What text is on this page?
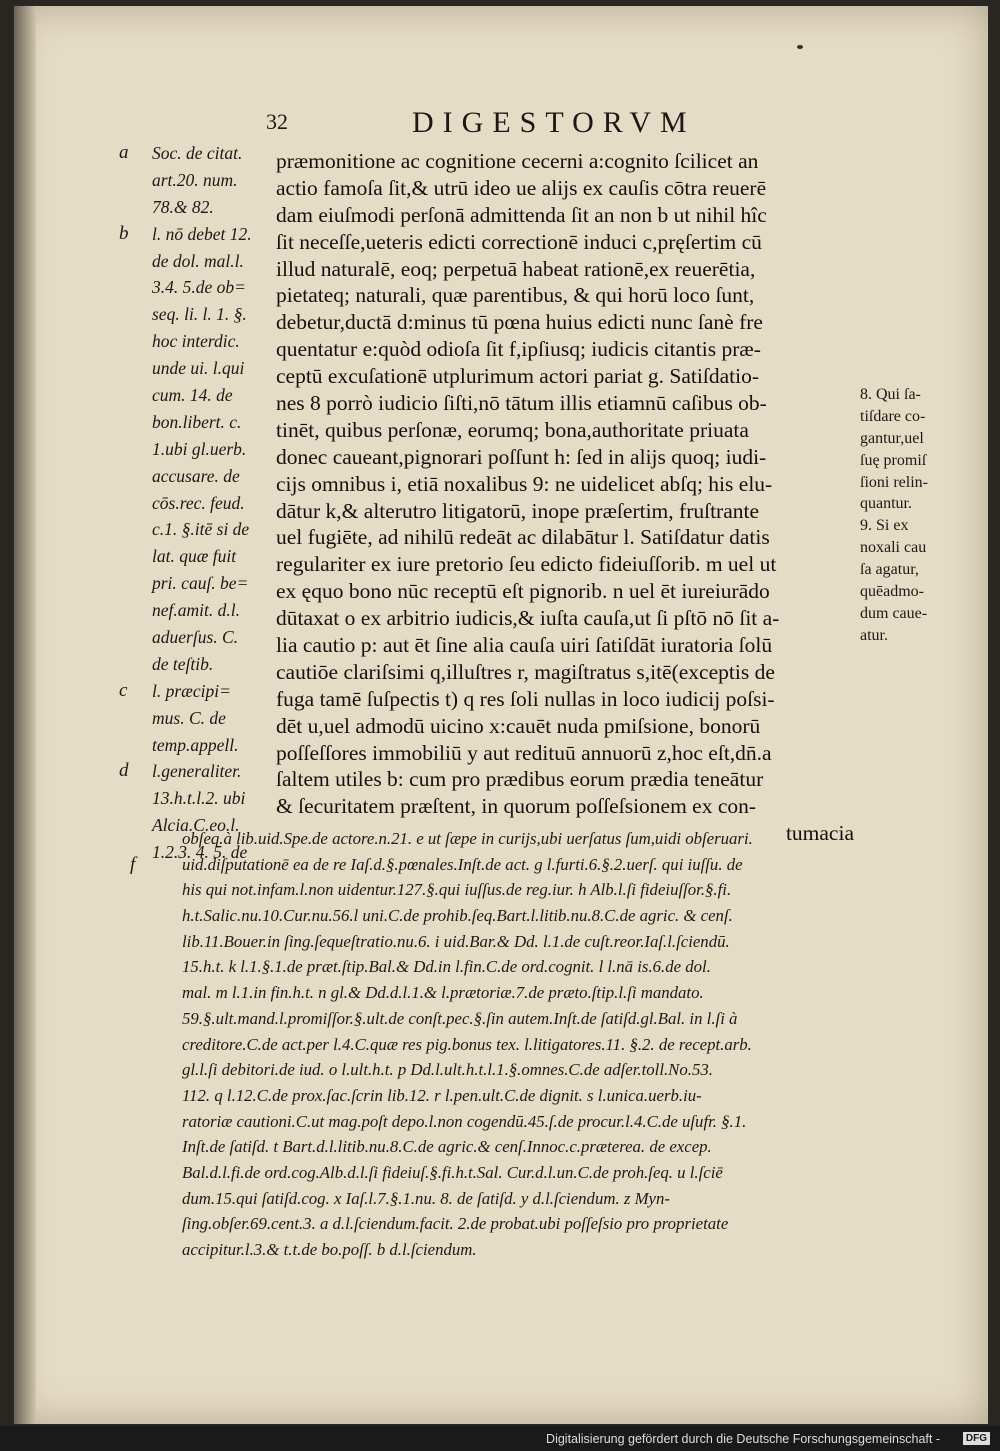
32	DIGESTORVM
a Soc. de citat.
art.20. num.
78.& 82.
b l. nō debet 12.
de dol. mal.l.
3.4. 5.de ob=
seq. li. l. 1. §.
hoc interdic.
unde ui. l.qui
cum. 14. de
bon.libert. c.
1.ubi gl.uerb.
accusare. de
cōs.rec. feud.
c.1. §.itē si de
lat. quæ fuit
pri. cauſ. be=
nef.amit. d.l.
aduerſus. C.
de teſtib.
c l. præcipi=
mus. C. de
temp.appell.
d l.generaliter.
13.h.t.l.2. ubi
Alcia.C.eo.l.
1.2.3. 4. 5. de
præmonitione ac cognitione cecerni a:cognito ſcilicet an
actio famoſa ſit,& utrū ideo ue alijs ex cauſis cōtra reuerē
dam eiuſmodi perſonā admittenda ſit an non b ut nihil hîc
ſit neceſſe,ueteris edicti correctionē induci c,pręſertim cū
illud naturalē, eoq; perpetuā habeat rationē,ex reuerētia,
pietateq; naturali, quæ parentibus, & qui horū loco ſunt,
debetur,ductā d:minus tū pœna huius edicti nunc ſanè fre
quentatur e:quòd odioſa ſit f,ipſiusq; iudicis citantis præ-
ceptū excuſationē utplurimum actori pariat g. Satiſdatio-
nes 8 porrò iudicio ſiſti,nō tātum illis etiamnū caſibus ob-
tinēt, quibus perſonæ, eorumq; bona,authoritate priuata
donec caueant,pignorari poſſunt h: ſed in alijs quoq; iudi-
cijs omnibus i, etiā noxalibus 9: ne uidelicet abſq; his elu-
dātur k,& alterutro litigatorū, inope præſertim, fruſtrante
uel fugiēte, ad nihilū redeāt ac dilabātur l. Satiſdatur datis
regulariter ex iure pretorio ſeu edicto fideiuſſorib. m uel ut
ex ęquo bono nūc receptū eſt pignorib. n uel ēt iureiurādo
dūtaxat o ex arbitrio iudicis,& iuſta cauſa,ut ſi pſtō nō ſit a-
lia cautio p: aut ēt ſine alia cauſa uiri ſatiſdāt iuratoria ſolū
cautiōe clariſsimi q,illuſtres r, magiſtratus s,itē(exceptis de
fuga tamē ſuſpectis t) q res ſoli nullas in loco iudicij poſsi-
dēt u,uel admodū uicino x:cauēt nuda pmiſsione, bonorū
poſſeſſores immobiliū y aut redituū annuorū z,hoc eſt,dn̄.a
ſaltem utiles b: cum pro prædibus eorum prædia teneātur
& ſecuritatem præſtent, in quorum poſſeſsionem ex con-
tumacia
8. Qui ſa-
tiſdare co-
gantur,uel
ſuę promiſ
ſioni relin-
quantur.
9. Si ex
noxali cau
ſa agatur,
quēadmo-
dum caue-
atur.
obſeq.à lib.uid.Spe.de actore.n.21. e ut ſæpe in curijs,ubi uerſatus ſum,uidi obſeruari.
f	uid.diſputationē ea de re Iaſ.d.§.pœnales.Inſt.de act. g l.furti.6.§.2.uerſ. qui iuſſu. de
his qui not.infam.l.non uidentur.127.§.qui iuſſus.de reg.iur. h Alb.l.ſi fideiuſſor.§.fi.
h.t.Salic.nu.10.Cur.nu.56.l uni.C.de prohib.ſeq.Bart.l.litib.nu.8.C.de agric. & cenſ.
lib.11.Bouer.in ſing.ſequeſtratio.nu.6. i uid.Bar.& Dd. l.1.de cuſt.reor.Iaſ.l.ſciendū.
15.h.t. k l.1.§.1.de præt.ſtip.Bal.& Dd.in l.fin.C.de ord.cognit. l l.nā is.6.de dol.
mal. m l.1.in fin.h.t. n gl.& Dd.d.l.1.& l.prætoriæ.7.de præto.ſtip.l.ſi mandato.
59.§.ult.mand.l.promiſſor.§.ult.de conſt.pec.§.ſin autem.Inſt.de ſatiſd.gl.Bal. in l.ſi à
creditore.C.de act.per l.4.C.quæ res pig.bonus tex. l.litigatores.11. §.2. de recept.arb.
gl.l.ſi debitori.de iud. o l.ult.h.t. p Dd.l.ult.h.t.l.1.§.omnes.C.de adſer.toll.No.53.
112. q l.12.C.de prox.ſac.ſcrin lib.12. r l.pen.ult.C.de dignit. s l.unica.uerb.iu-
ratoriæ cautioni.C.ut mag.poſt depo.l.non cogendū.45.ſ.de procur.l.4.C.de uſufr. §.1.
Inſt.de ſatiſd. t Bart.d.l.litib.nu.8.C.de agric.& cenſ.Innoc.c.præterea. de excep.
Bal.d.l.fi.de ord.cog.Alb.d.l.ſi fideiuſ.§.fi.h.t.Sal. Cur.d.l.un.C.de proh.ſeq. u l.ſciē
dum.15.qui ſatiſd.cog. x Iaſ.l.7.§.1.nu. 8. de ſatiſd. y d.l.ſciendum. z Myn-
ſing.obſer.69.cent.3. a d.l.ſciendum.facit. 2.de probat.ubi poſſeſsio pro proprietate
accipitur.l.3.& t.t.de bo.poſſ. b d.l.ſciendum.
Digitalisierung gefördert durch die Deutsche Forschungsgemeinschaft -	DFG
